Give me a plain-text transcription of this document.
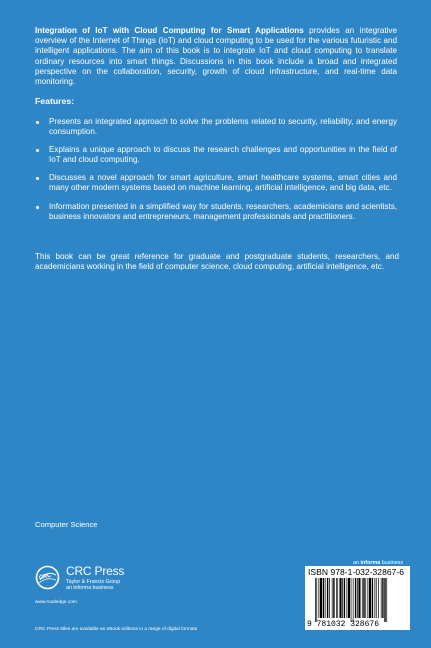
Integration of IoT with Cloud Computing for Smart Applications provides an integrative overview of the Internet of Things (IoT) and cloud computing to be used for the various futuristic and intelligent applications. The aim of this book is to integrate IoT and cloud computing to translate ordinary resources into smart things. Discussions in this book include a broad and integrated perspective on the collaboration, security, growth of cloud infrastructure, and real-time data monitoring.
Features:
Presents an integrated approach to solve the problems related to security, reliability, and energy consumption.
Explains a unique approach to discuss the research challenges and opportunities in the field of IoT and cloud computing.
Discusses a novel approach for smart agriculture, smart healthcare systems, smart cities and many other modern systems based on machine learning, artificial intelligence, and big data, etc.
Information presented in a simplified way for students, researchers, academicians and scientists, business innovators and entrepreneurs, management professionals and practitioners.

This book can be great reference for graduate and postgraduate students, researchers, and academicians working in the field of computer science, cloud computing, artificial intelligence, etc.

Computer Science
CRC CRC Press
Taylor & Francis Group
an informa business
www.routledge.com
CRC Press titles are available as eBook editions in a range of digital formats
an informa business
ISBN 978-1-032-32867-6
9 781032 328676
